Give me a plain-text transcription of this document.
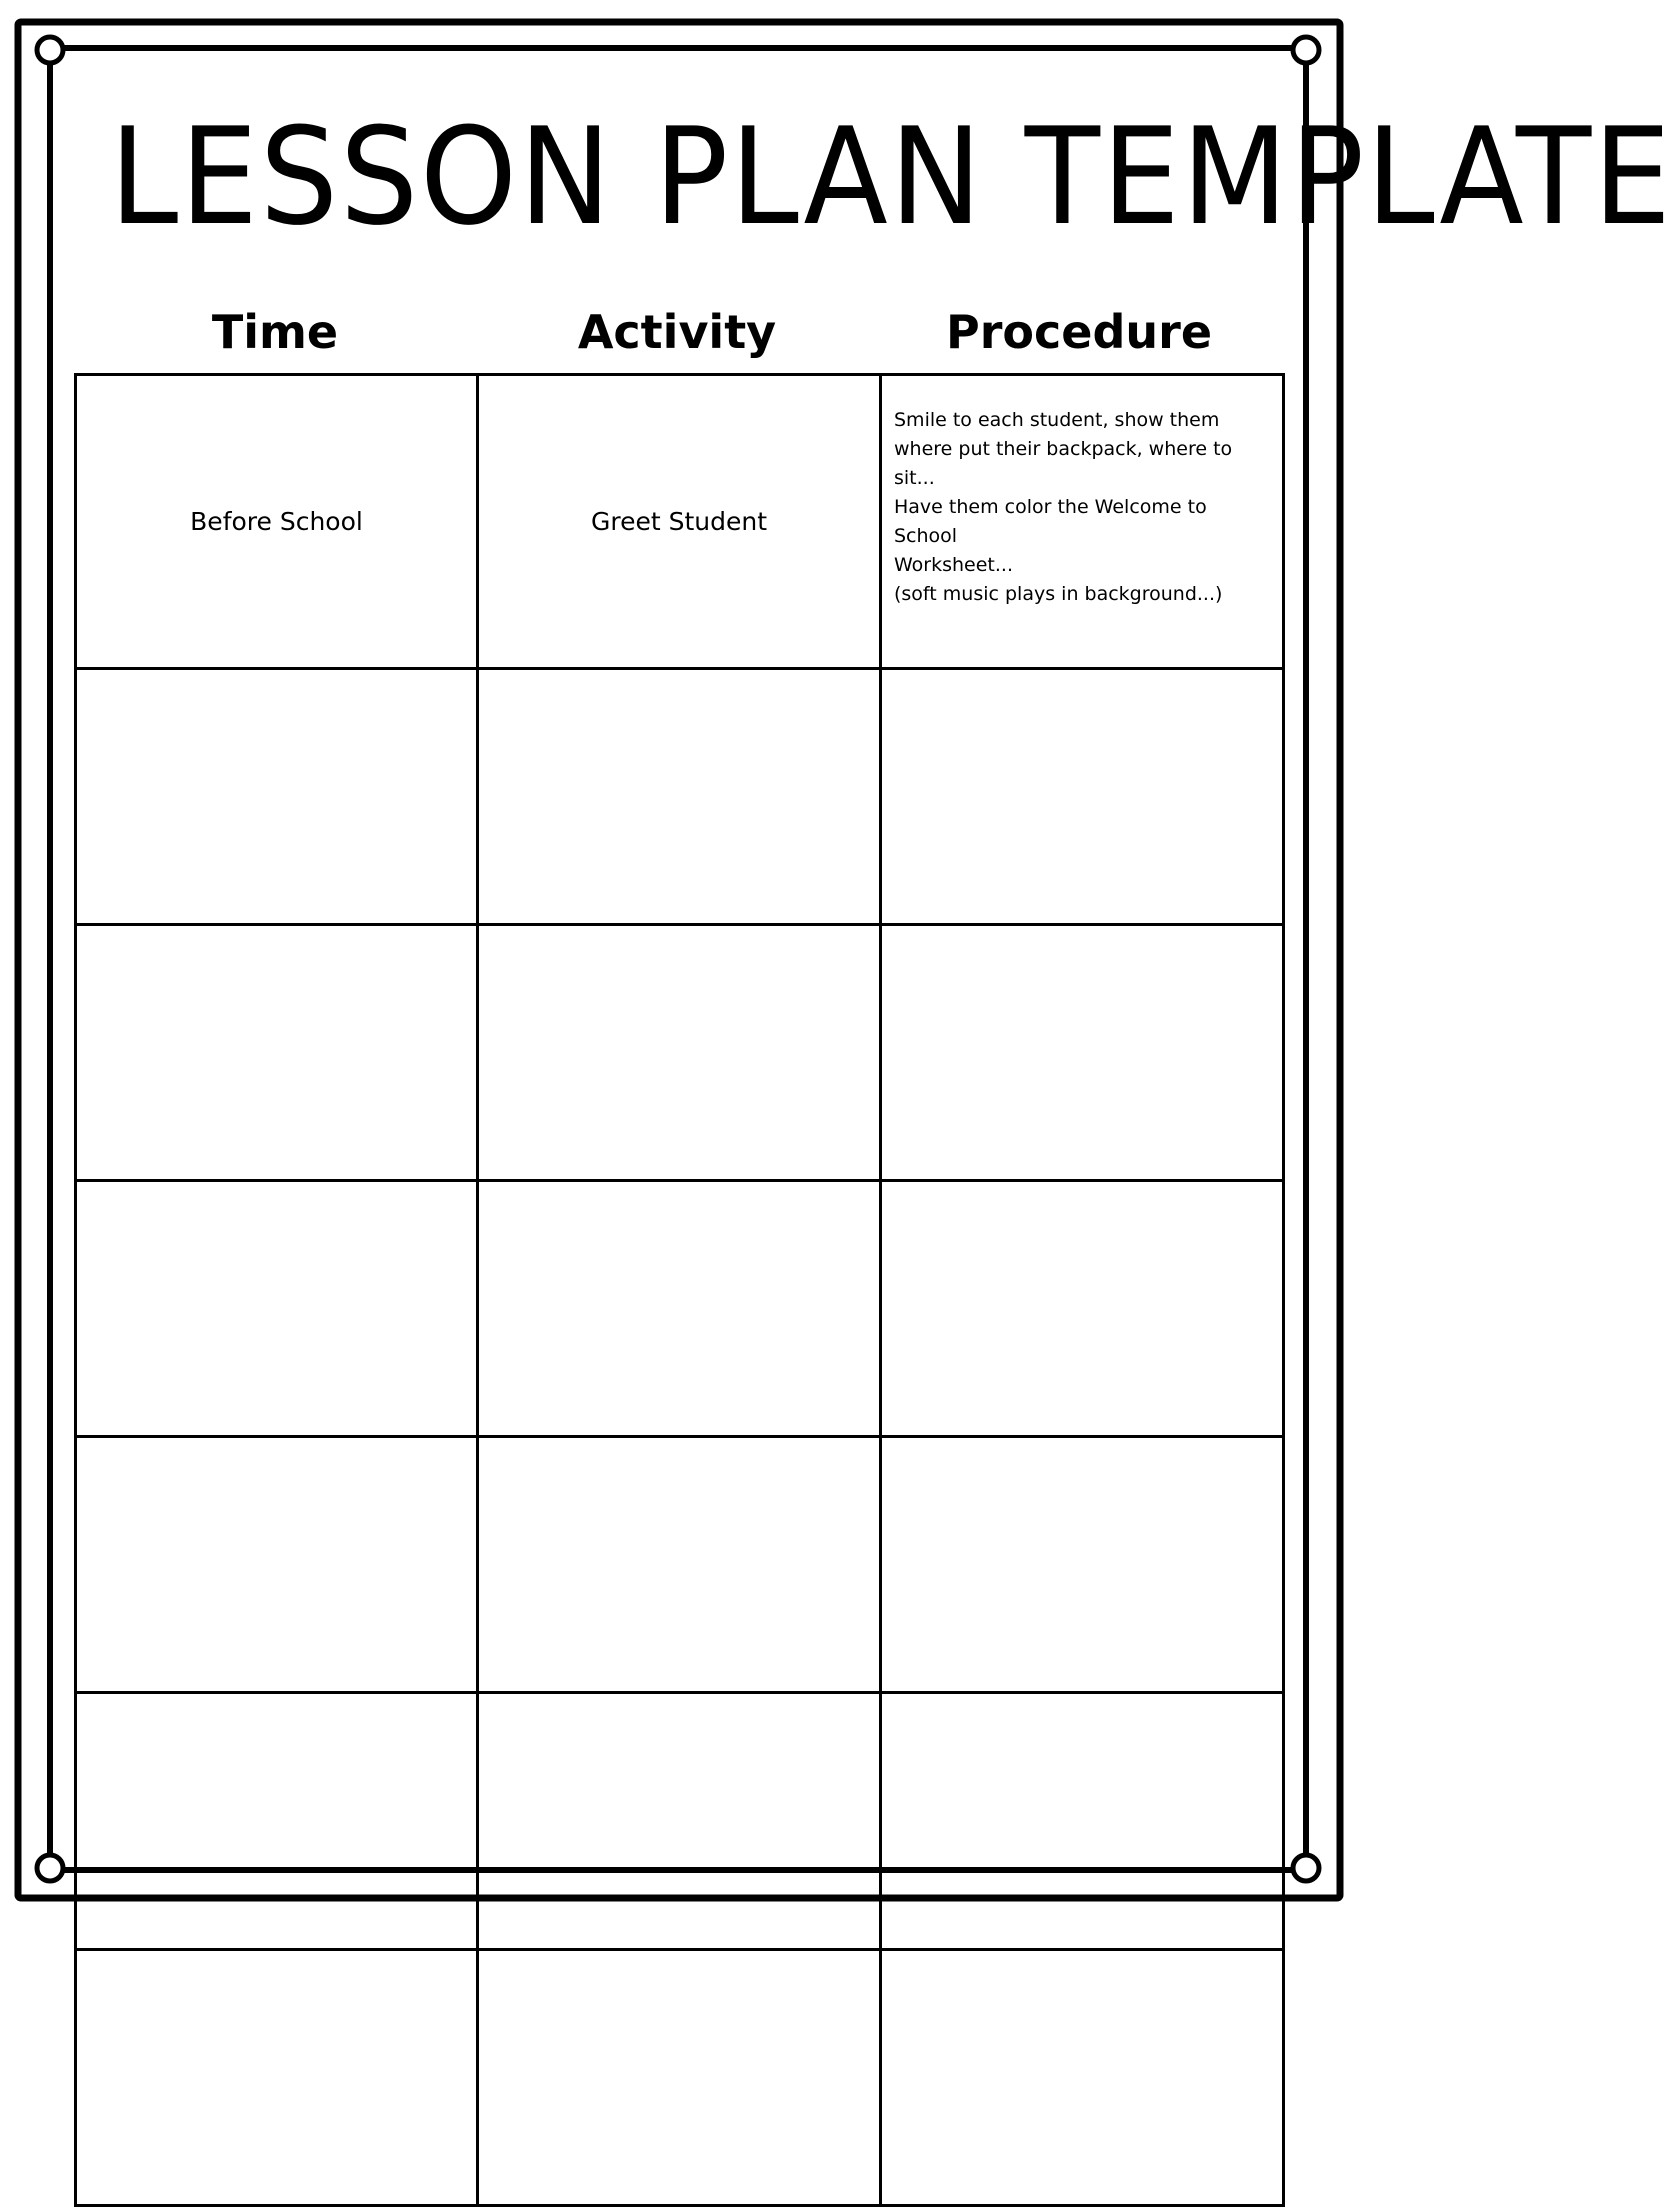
LESSON PLAN TEMPLATE
Time	Activity	Procedure
Before School	Greet Student	Smile to each student, show them
where put their backpack, where to sit...
Have them color the Welcome to School
Worksheet...
(soft music plays in background...)
